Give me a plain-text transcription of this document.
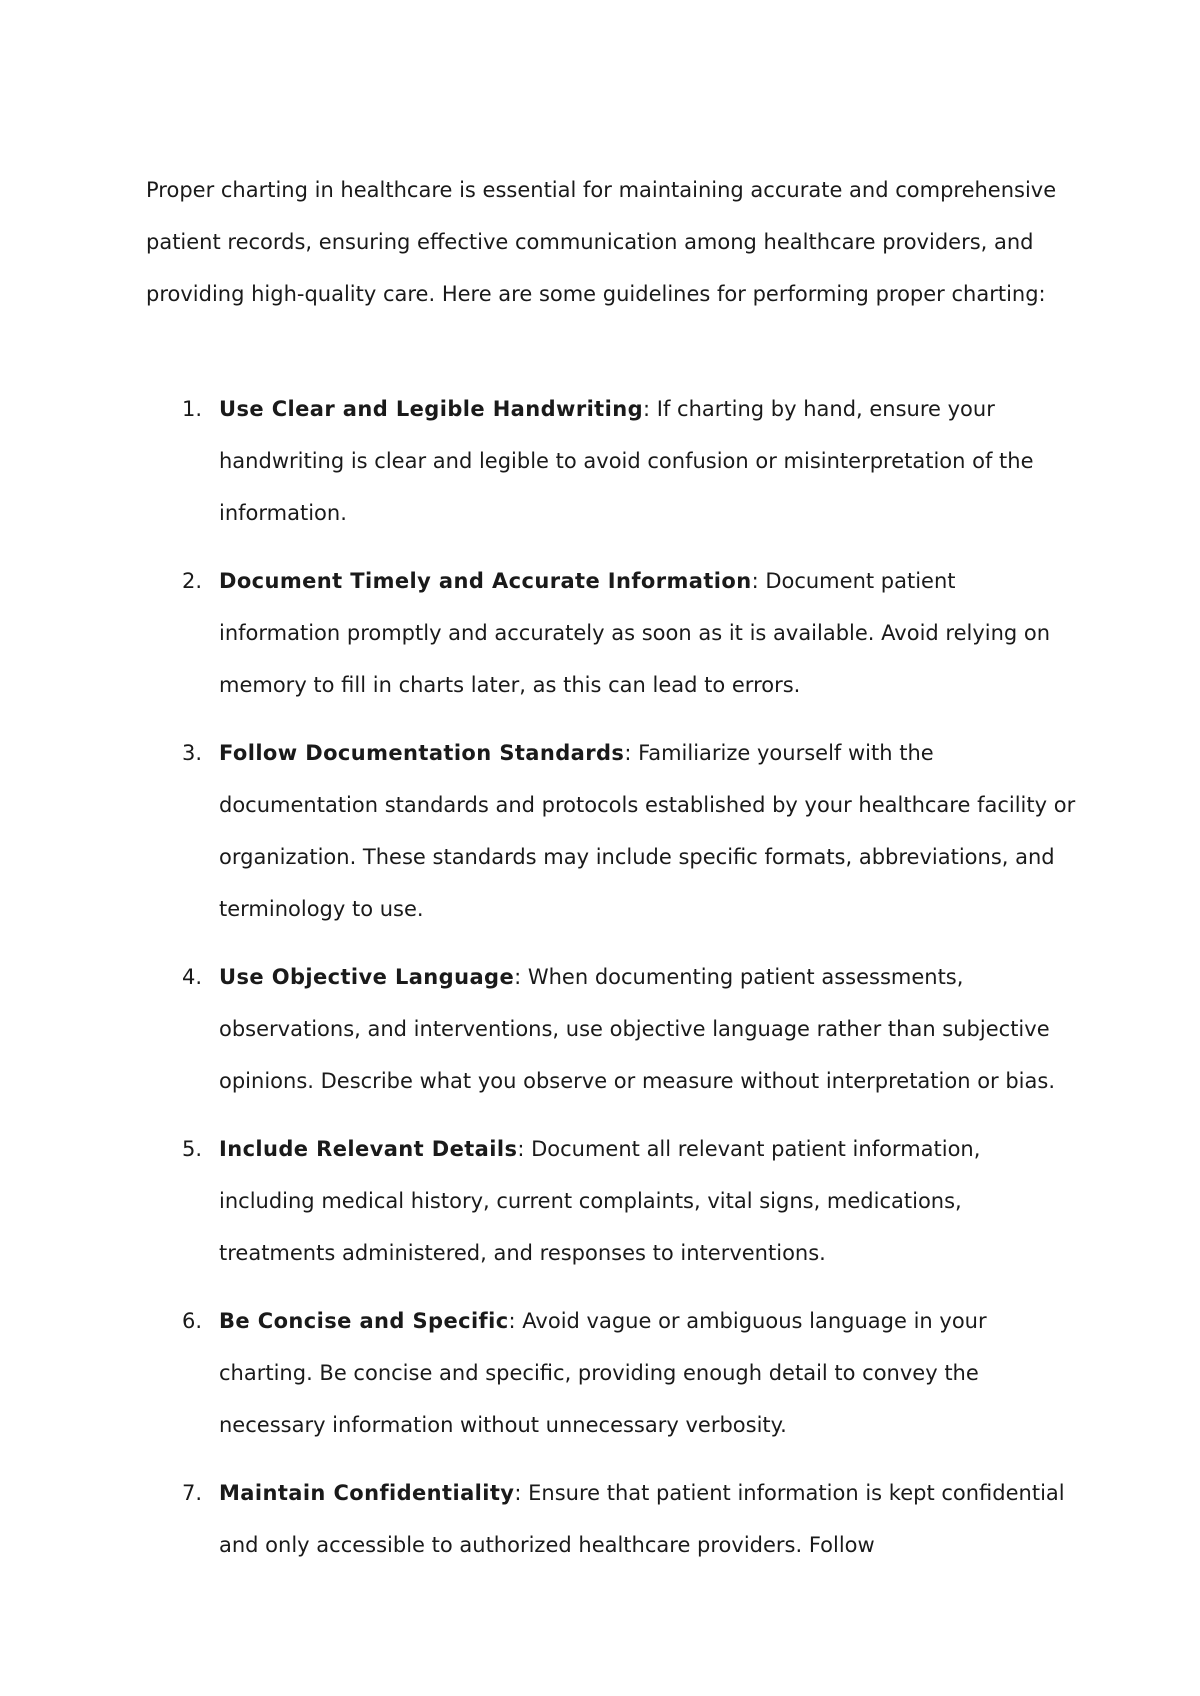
Proper charting in healthcare is essential for maintaining accurate and comprehensive patient records, ensuring effective communication among healthcare providers, and providing high-quality care. Here are some guidelines for performing proper charting:

1. Use Clear and Legible Handwriting: If charting by hand, ensure your handwriting is clear and legible to avoid confusion or misinterpretation of the information.
2. Document Timely and Accurate Information: Document patient information promptly and accurately as soon as it is available. Avoid relying on memory to fill in charts later, as this can lead to errors.
3. Follow Documentation Standards: Familiarize yourself with the documentation standards and protocols established by your healthcare facility or organization. These standards may include specific formats, abbreviations, and terminology to use.
4. Use Objective Language: When documenting patient assessments, observations, and interventions, use objective language rather than subjective opinions. Describe what you observe or measure without interpretation or bias.
5. Include Relevant Details: Document all relevant patient information, including medical history, current complaints, vital signs, medications, treatments administered, and responses to interventions.
6. Be Concise and Specific: Avoid vague or ambiguous language in your charting. Be concise and specific, providing enough detail to convey the necessary information without unnecessary verbosity.
7. Maintain Confidentiality: Ensure that patient information is kept confidential and only accessible to authorized healthcare providers. Follow
